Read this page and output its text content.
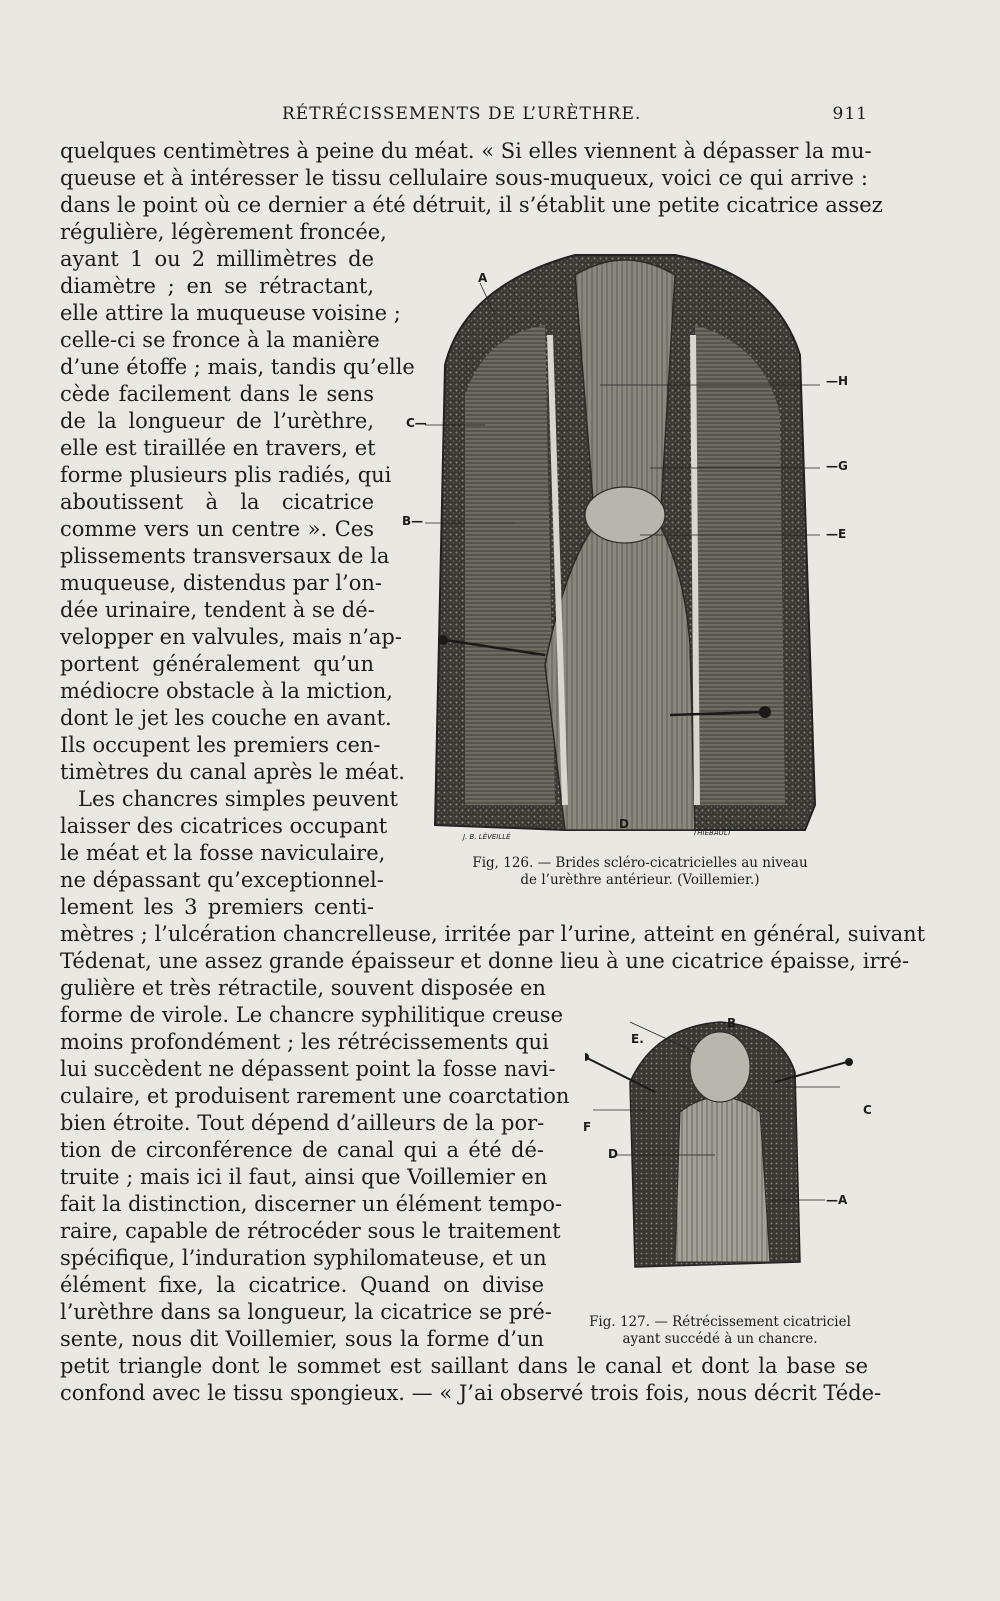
RÉTRÉCISSEMENTS DE L’URÈTHRE.	911
quelques centimètres à peine du méat. « Si elles viennent à dépasser la mu-
queuse et à intéresser le tissu cellulaire sous-muqueux, voici ce qui arrive :
dans le point où ce dernier a été détruit, il s’établit une petite cicatrice assez
régulière, légèrement froncée,
ayant 1 ou 2 millimètres de
diamètre ; en se rétractant,
elle attire la muqueuse voisine ;
celle-ci se fronce à la manière
d’une étoffe ; mais, tandis qu’elle
cède facilement dans le sens
de la longueur de l’urèthre,
elle est tiraillée en travers, et
forme plusieurs plis radiés, qui
aboutissent à la cicatrice
comme vers un centre ». Ces
plissements transversaux de la
muqueuse, distendus par l’on-
dée urinaire, tendent à se dé-
velopper en valvules, mais n’ap-
portent généralement qu’un
médiocre obstacle à la miction,
dont le jet les couche en avant.
Ils occupent les premiers cen-
timètres du canal après le méat.
Les chancres simples peuvent
laisser des cicatrices occupant
le méat et la fosse naviculaire,
ne dépassant qu’exceptionnel-
lement les 3 premiers centi-
mètres ; l’ulcération chancrelleuse, irritée par l’urine, atteint en général, suivant
Tédenat, une assez grande épaisseur et donne lieu à une cicatrice épaisse, irré-
gulière et très rétractile, souvent disposée en
forme de virole. Le chancre syphilitique creuse
moins profondément ; les rétrécissements qui
lui succèdent ne dépassent point la fosse navi-
culaire, et produisent rarement une coarctation
bien étroite. Tout dépend d’ailleurs de la por-
tion de circonférence de canal qui a été dé-
truite ; mais ici il faut, ainsi que Voillemier en
fait la distinction, discerner un élément tempo-
raire, capable de rétrocéder sous le traitement
spécifique, l’induration syphilomateuse, et un
élément fixe, la cicatrice. Quand on divise
l’urèthre dans sa longueur, la cicatrice se pré-
sente, nous dit Voillemier, sous la forme d’un
petit triangle dont le sommet est saillant dans le canal et dont la base se
confond avec le tissu spongieux. — « J’ai observé trois fois, nous décrit Téde-
A
—H
C—
—G
B—
—E
D
J. B. LÉVEILLÉ	THIÉBAULT
Fig, 126. — Brides scléro-cicatricielles au niveau
de l’urèthre antérieur. (Voillemier.)
B
E.
C
F
D
—A
Fig. 127. — Rétrécissement cicatriciel
ayant succédé à un chancre.
